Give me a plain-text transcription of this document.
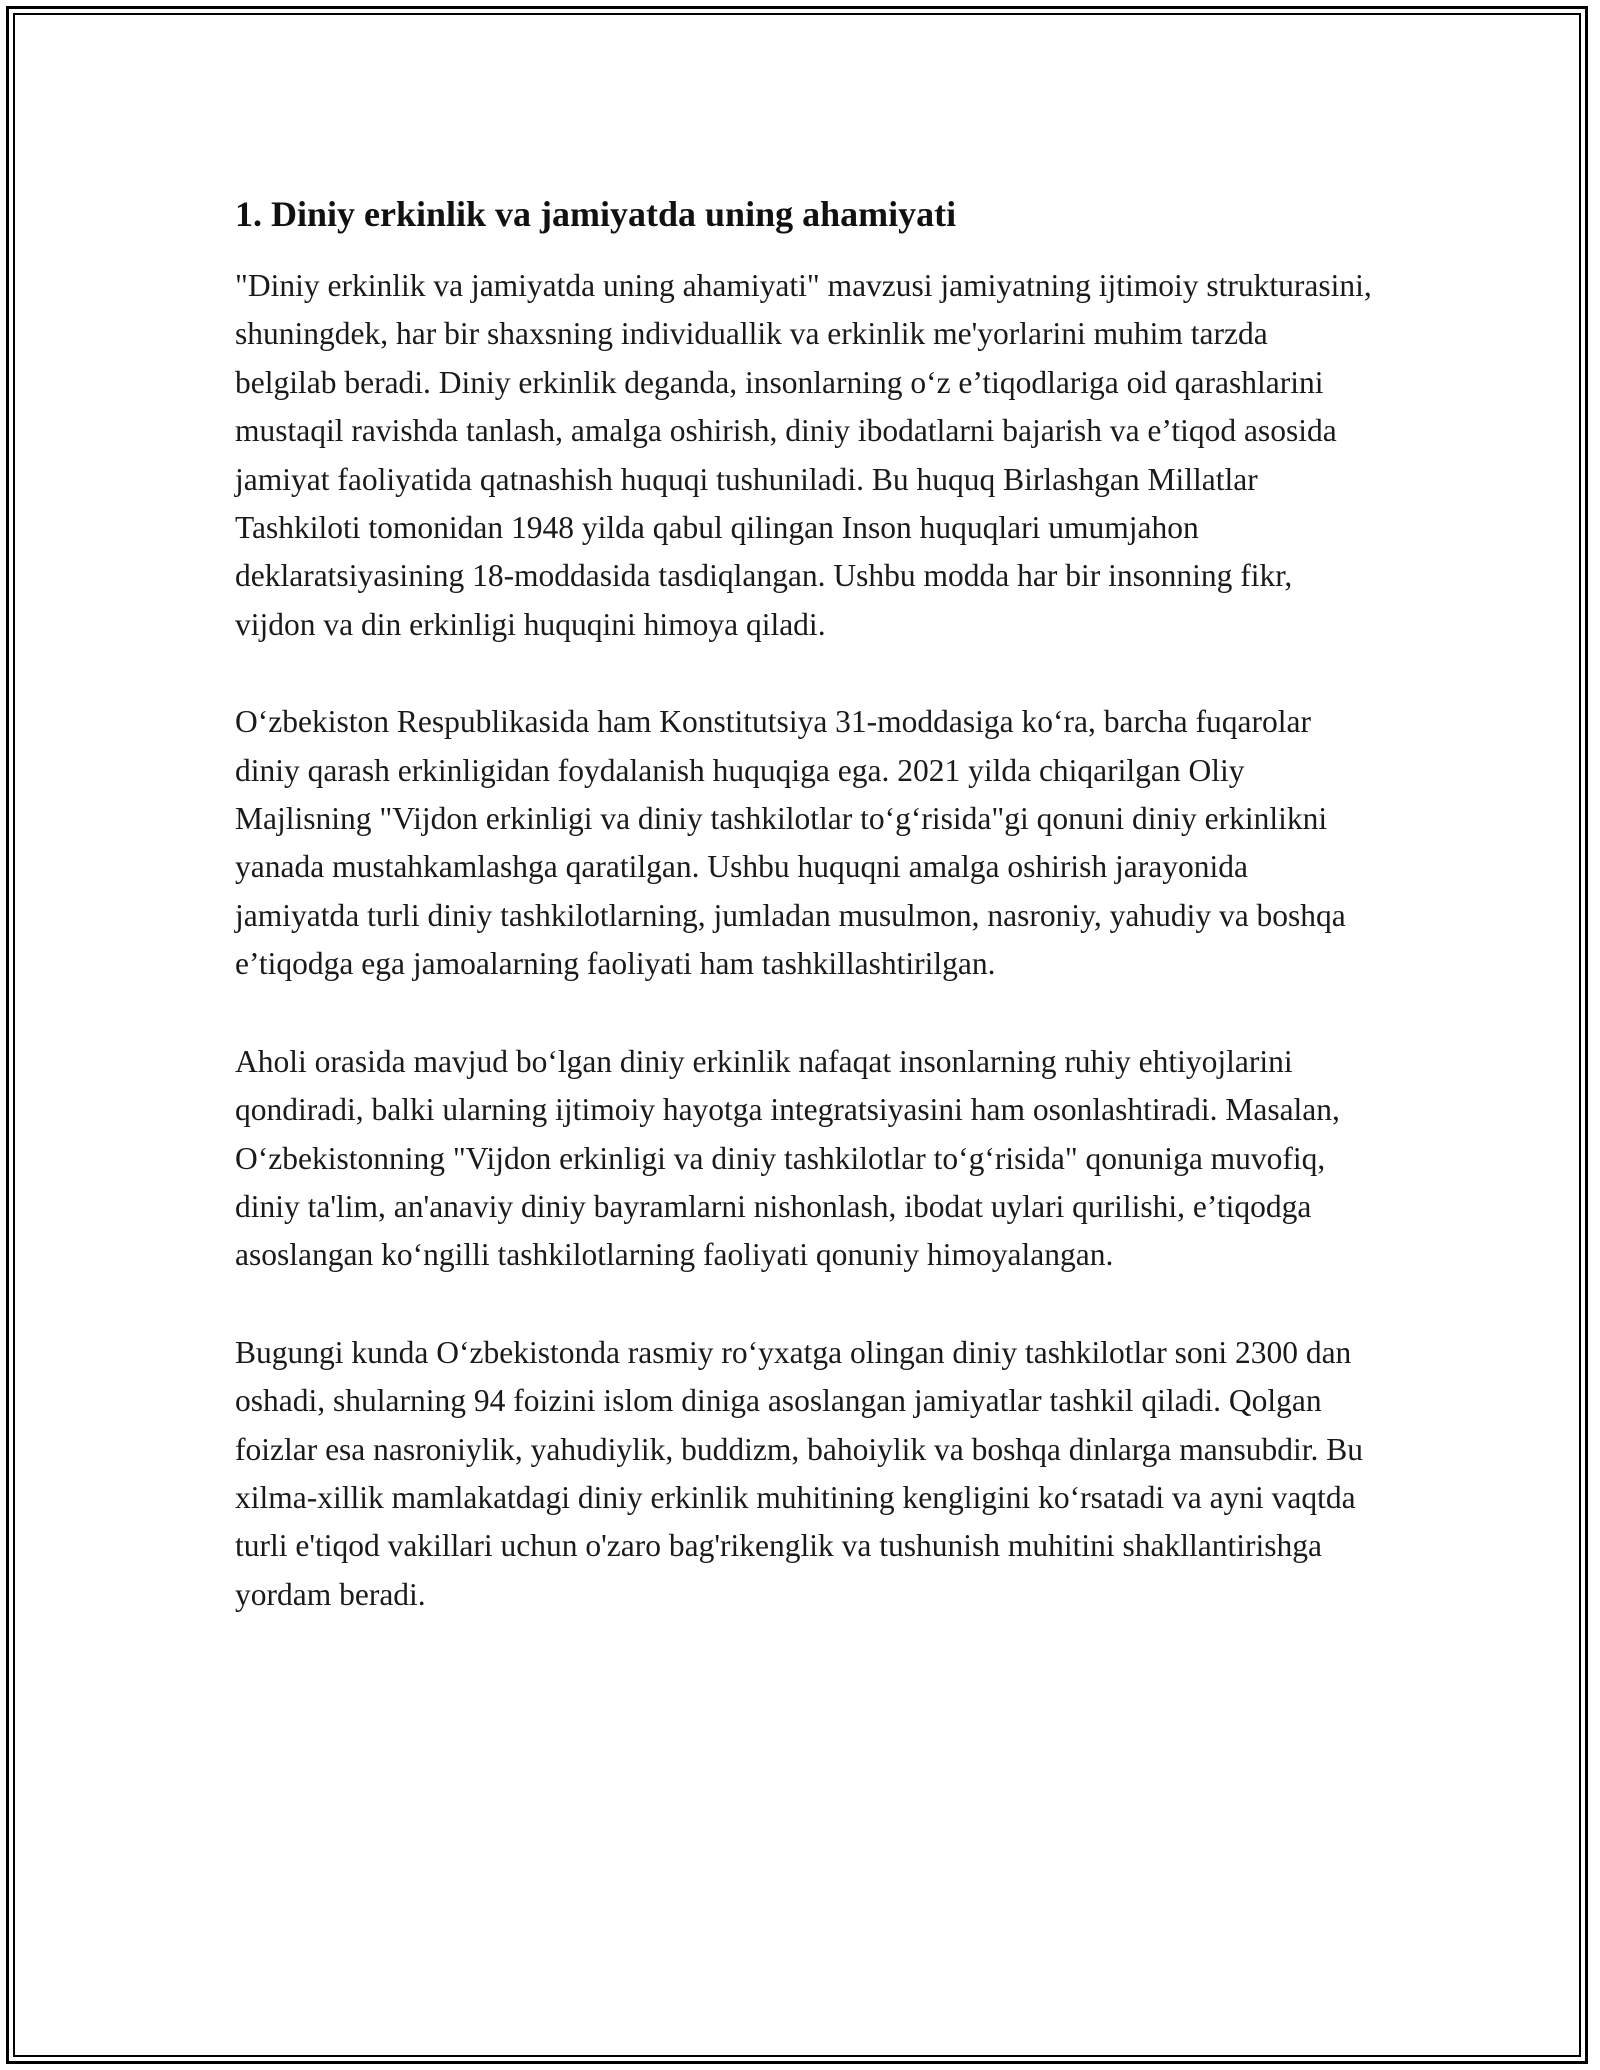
1. Diniy erkinlik va jamiyatda uning ahamiyati

"Diniy erkinlik va jamiyatda uning ahamiyati" mavzusi jamiyatning ijtimoiy strukturasini, shuningdek, har bir shaxsning individuallik va erkinlik me'yorlarini muhim tarzda belgilab beradi. Diniy erkinlik deganda, insonlarning o‘z e’tiqodlariga oid qarashlarini mustaqil ravishda tanlash, amalga oshirish, diniy ibodatlarni bajarish va e’tiqod asosida jamiyat faoliyatida qatnashish huquqi tushuniladi. Bu huquq Birlashgan Millatlar Tashkiloti tomonidan 1948 yilda qabul qilingan Inson huquqlari umumjahon deklaratsiyasining 18-moddasida tasdiqlangan. Ushbu modda har bir insonning fikr, vijdon va din erkinligi huquqini himoya qiladi.

O‘zbekiston Respublikasida ham Konstitutsiya 31-moddasiga ko‘ra, barcha fuqarolar diniy qarash erkinligidan foydalanish huquqiga ega. 2021 yilda chiqarilgan Oliy Majlisning "Vijdon erkinligi va diniy tashkilotlar to‘g‘risida"gi qonuni diniy erkinlikni yanada mustahkamlashga qaratilgan. Ushbu huquqni amalga oshirish jarayonida jamiyatda turli diniy tashkilotlarning, jumladan musulmon, nasroniy, yahudiy va boshqa e’tiqodga ega jamoalarning faoliyati ham tashkillashtirilgan.

Aholi orasida mavjud bo‘lgan diniy erkinlik nafaqat insonlarning ruhiy ehtiyojlarini qondiradi, balki ularning ijtimoiy hayotga integratsiyasini ham osonlashtiradi. Masalan, O‘zbekistonning "Vijdon erkinligi va diniy tashkilotlar to‘g‘risida" qonuniga muvofiq, diniy ta'lim, an'anaviy diniy bayramlarni nishonlash, ibodat uylari qurilishi, e’tiqodga asoslangan ko‘ngilli tashkilotlarning faoliyati qonuniy himoyalangan.

Bugungi kunda O‘zbekistonda rasmiy ro‘yxatga olingan diniy tashkilotlar soni 2300 dan oshadi, shularning 94 foizini islom diniga asoslangan jamiyatlar tashkil qiladi. Qolgan foizlar esa nasroniylik, yahudiylik, buddizm, bahoiylik va boshqa dinlarga mansubdir. Bu xilma-xillik mamlakatdagi diniy erkinlik muhitining kengligini ko‘rsatadi va ayni vaqtda turli e'tiqod vakillari uchun o'zaro bag'rikenglik va tushunish muhitini shakllantirishga yordam beradi.
